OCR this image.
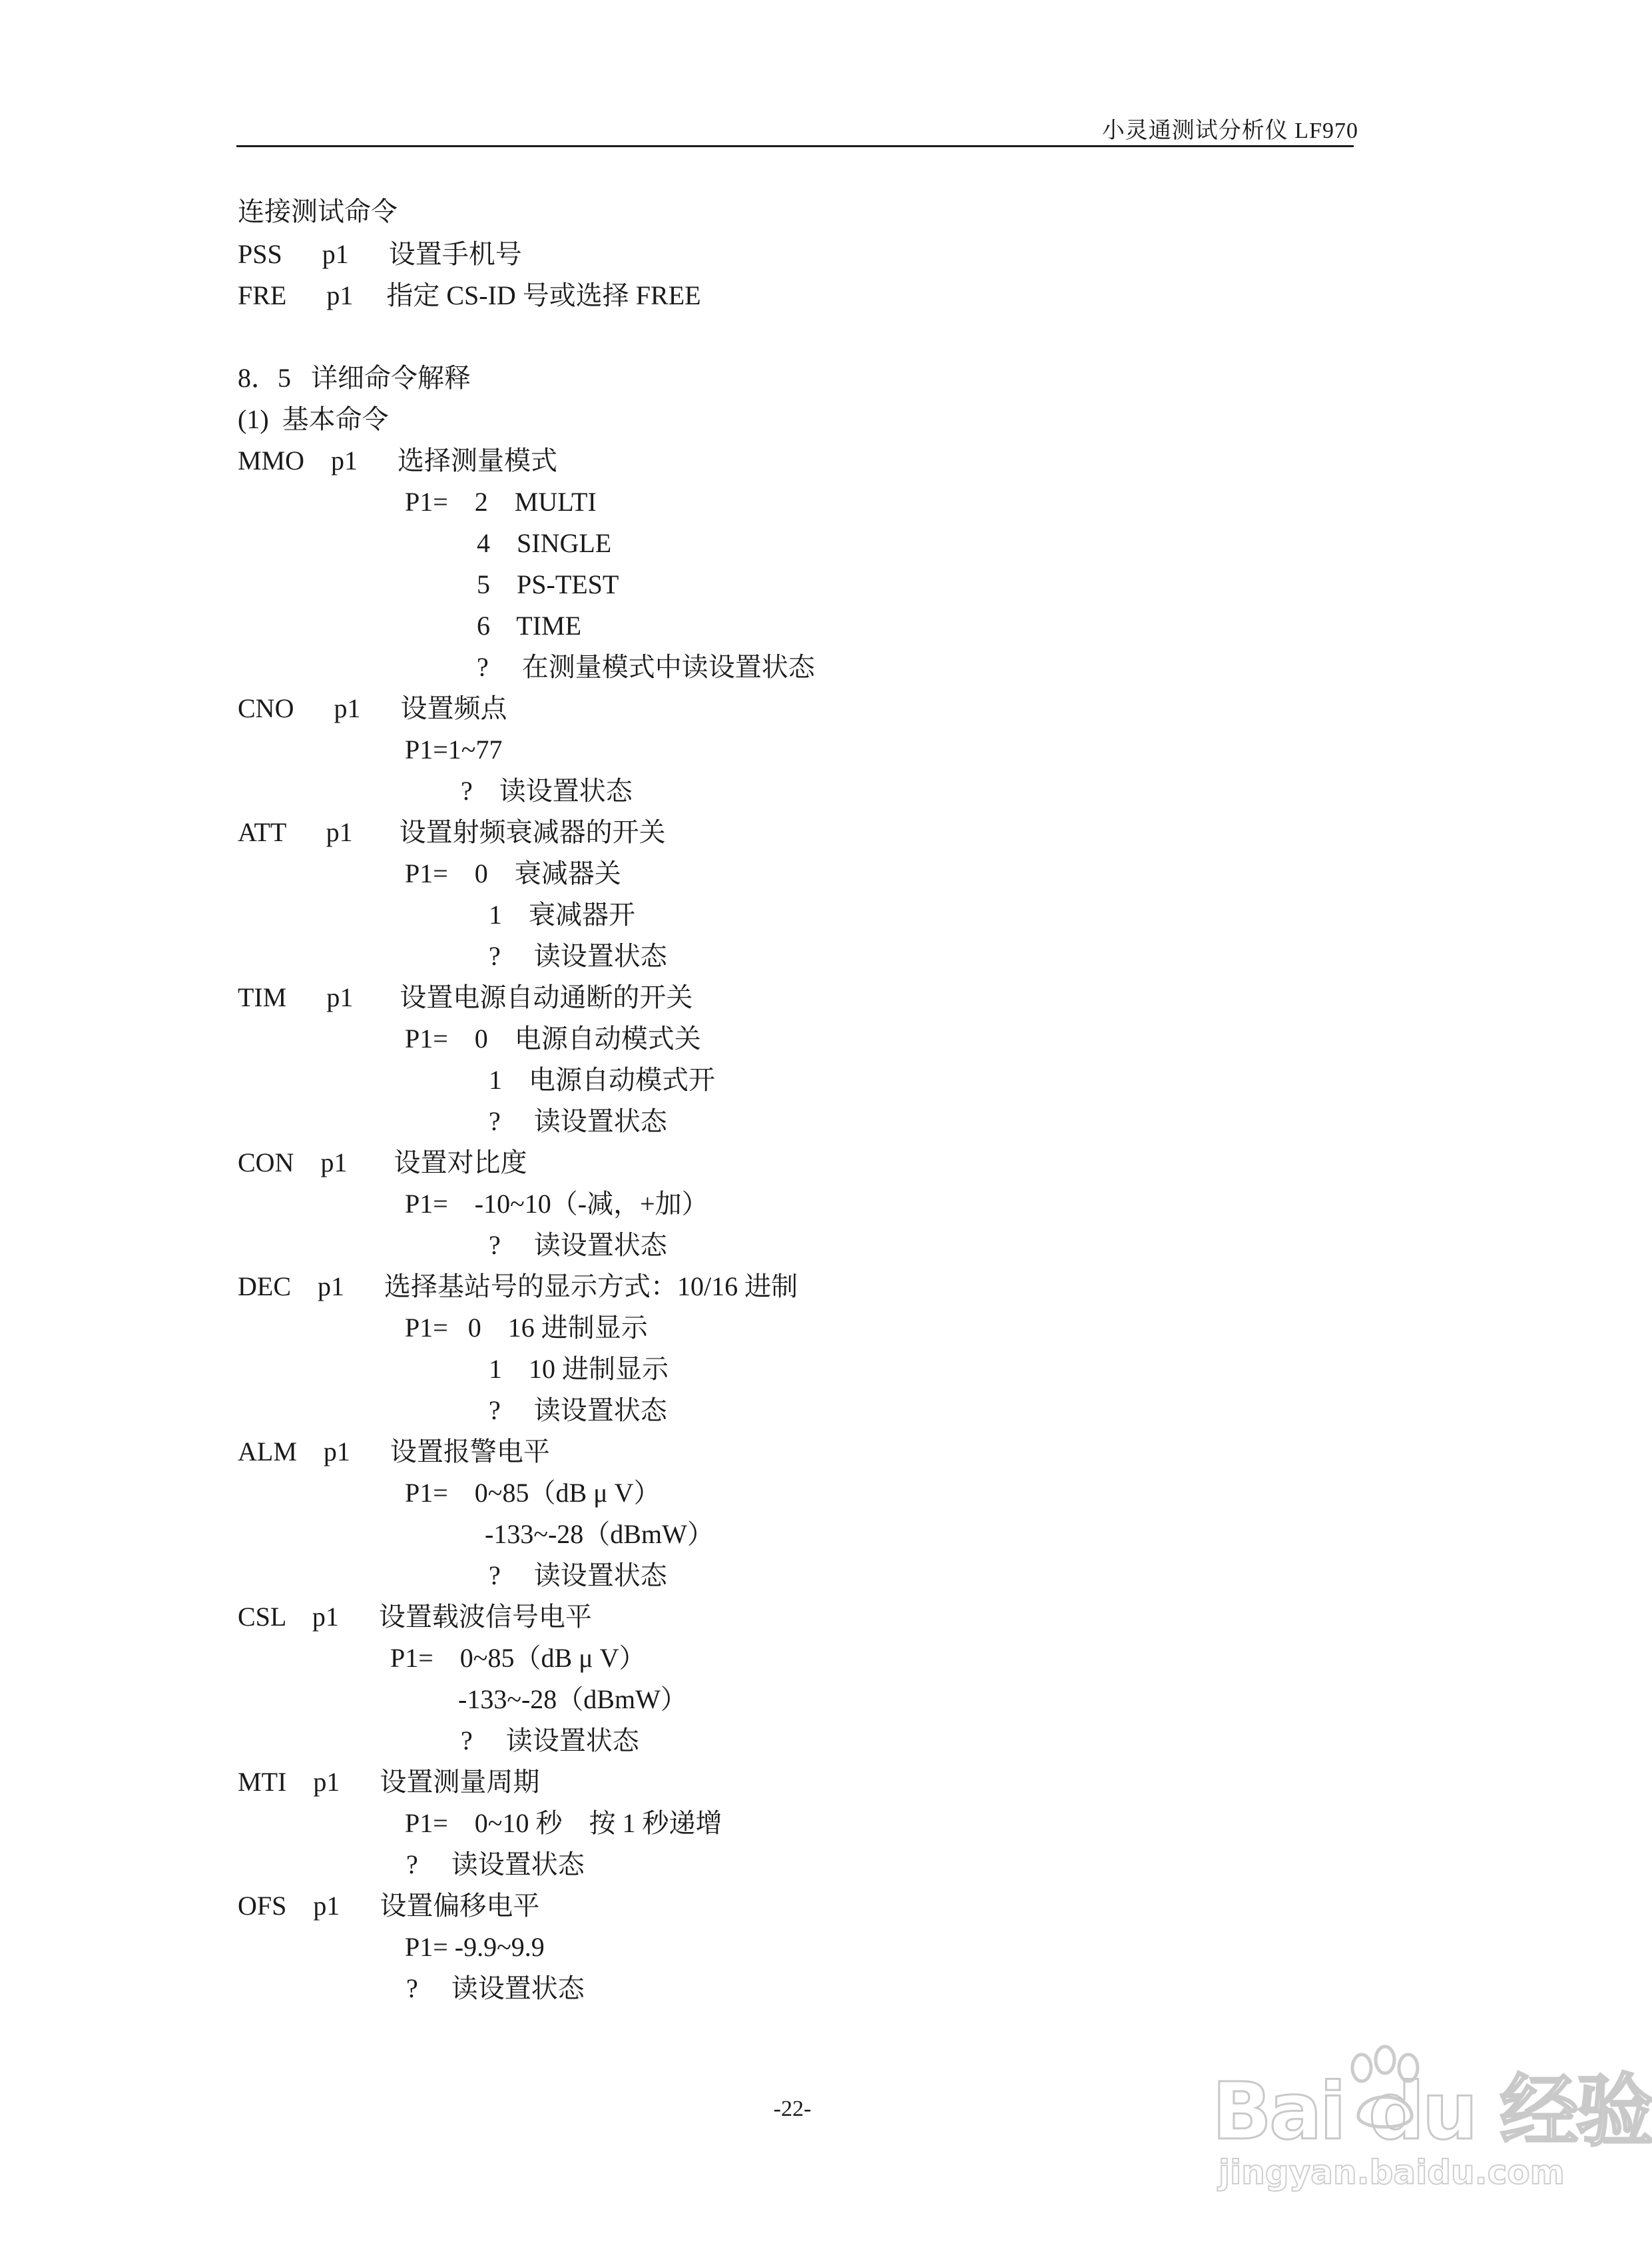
小灵通测试分析仪 LF970
连接测试命令
PSS      p1      设置手机号
FRE      p1     指定 CS-ID 号或选择 FREE
8．5   详细命令解释
(1)  基本命令
MMO    p1      选择测量模式
P1=    2    MULTI
4    SINGLE
5    PS-TEST
6    TIME
?     在测量模式中读设置状态
CNO      p1      设置频点
P1=1~77
?    读设置状态
ATT      p1       设置射频衰减器的开关
P1=    0    衰减器关
1    衰减器开
?     读设置状态
TIM      p1       设置电源自动通断的开关
P1=    0    电源自动模式关
1    电源自动模式开
?     读设置状态
CON    p1       设置对比度
P1=    -10~10（-减，+加）
?     读设置状态
DEC    p1      选择基站号的显示方式：10/16 进制
P1=   0    16 进制显示
1    10 进制显示
?     读设置状态
ALM    p1      设置报警电平
P1=    0~85（dB μ V）
-133~-28（dBmW）
?     读设置状态
CSL    p1      设置载波信号电平
P1=    0~85（dB μ V）
-133~-28（dBmW）
?     读设置状态
MTI    p1      设置测量周期
P1=    0~10 秒    按 1 秒递增
?     读设置状态
OFS    p1      设置偏移电平
P1= -9.9~9.9
?     读设置状态
-22-	Bai du 经验
jingyan.baidu.com
